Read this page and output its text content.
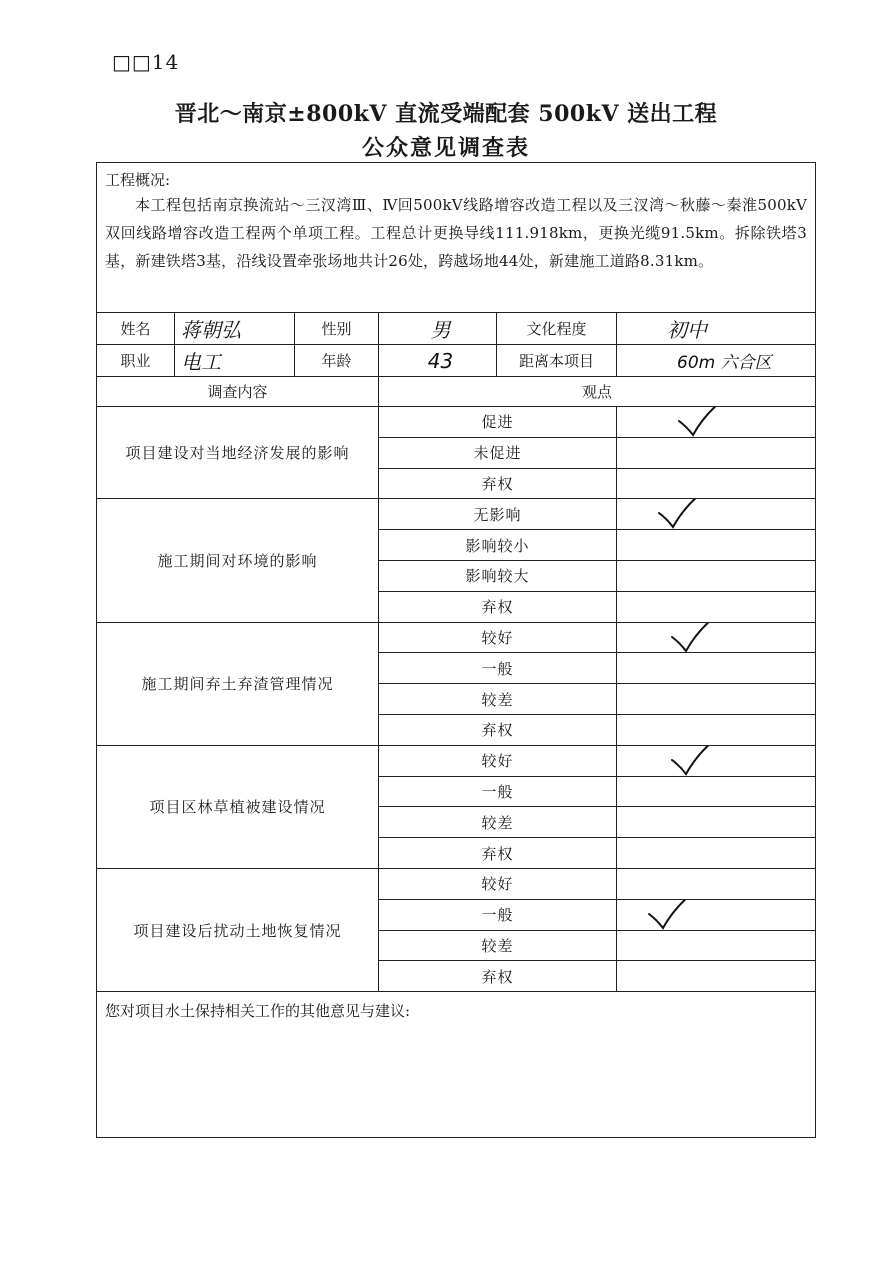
□□14
晋北～南京±800kV 直流受端配套 500kV 送出工程
公众意见调查表
工程概况:
本工程包括南京换流站～三汊湾Ⅲ、Ⅳ回500kV线路增容改造工程以及三汊湾～秋藤～秦淮500kV双回线路增容改造工程两个单项工程。工程总计更换导线111.918km，更换光缆91.5km。拆除铁塔3基，新建铁塔3基，沿线设置牵张场地共计26处，跨越场地44处，新建施工道路8.31km。					

姓名	蒋朝弘	性别	男	文化程度	初中
职业	电工	年龄	43	距离本项目	60m 六合区
调查内容			观点		
项目建设对当地经济发展的影响			促进	

			未促进		
			弃权		
施工期间对环境的影响			无影响	

			影响较小		
			影响较大		
			弃权		
施工期间弃土弃渣管理情况			较好	

			一般		
			较差		
			弃权		
项目区林草植被建设情况			较好	

			一般		
			较差		
			弃权		
项目建设后扰动土地恢复情况			较好		
			一般	

			较差		
			弃权		
您对项目水土保持相关工作的其他意见与建议:					
